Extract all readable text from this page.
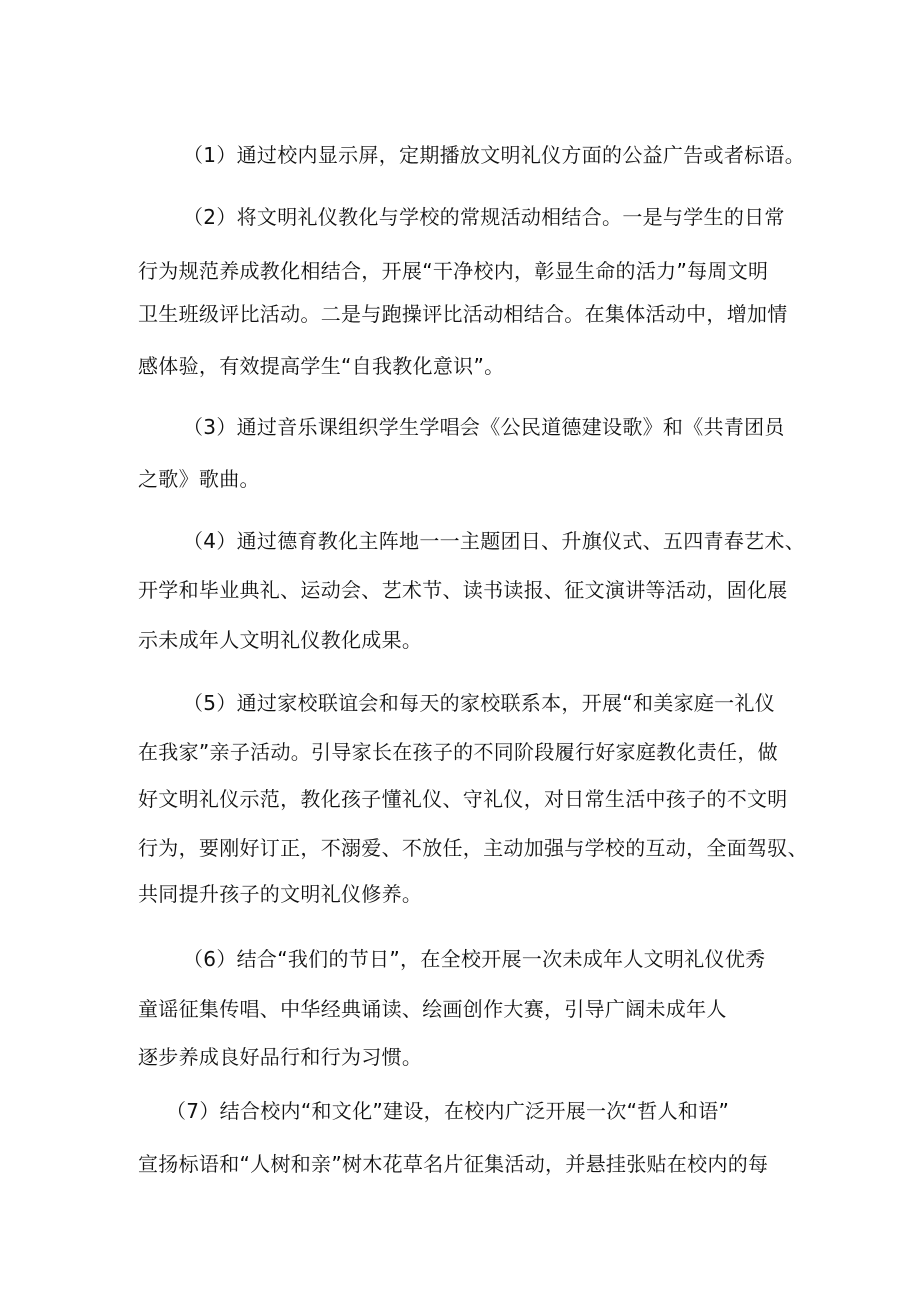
（1）通过校内显示屏，定期播放文明礼仪方面的公益广告或者标语。

（2）将文明礼仪教化与学校的常规活动相结合。一是与学生的日常

行为规范养成教化相结合，开展“干净校内，彰显生命的活力”每周文明

卫生班级评比活动。二是与跑操评比活动相结合。在集体活动中，增加情

感体验，有效提高学生“自我教化意识”。

（3）通过音乐课组织学生学唱会《公民道德建设歌》和《共青团员

之歌》歌曲。

（4）通过德育教化主阵地一一主题团日、升旗仪式、五四青春艺术、

开学和毕业典礼、运动会、艺术节、读书读报、征文演讲等活动，固化展

示未成年人文明礼仪教化成果。

（5）通过家校联谊会和每天的家校联系本，开展“和美家庭一礼仪

在我家”亲子活动。引导家长在孩子的不同阶段履行好家庭教化责任，做

好文明礼仪示范，教化孩子懂礼仪、守礼仪，对日常生活中孩子的不文明

行为，要刚好订正，不溺爱、不放任，主动加强与学校的互动，全面驾驭、

共同提升孩子的文明礼仪修养。

（6）结合“我们的节日”，在全校开展一次未成年人文明礼仪优秀

童谣征集传唱、中华经典诵读、绘画创作大赛，引导广阔未成年人

逐步养成良好品行和行为习惯。

（7）结合校内“和文化”建设，在校内广泛开展一次“哲人和语”

宣扬标语和“人树和亲”树木花草名片征集活动，并悬挂张贴在校内的每
